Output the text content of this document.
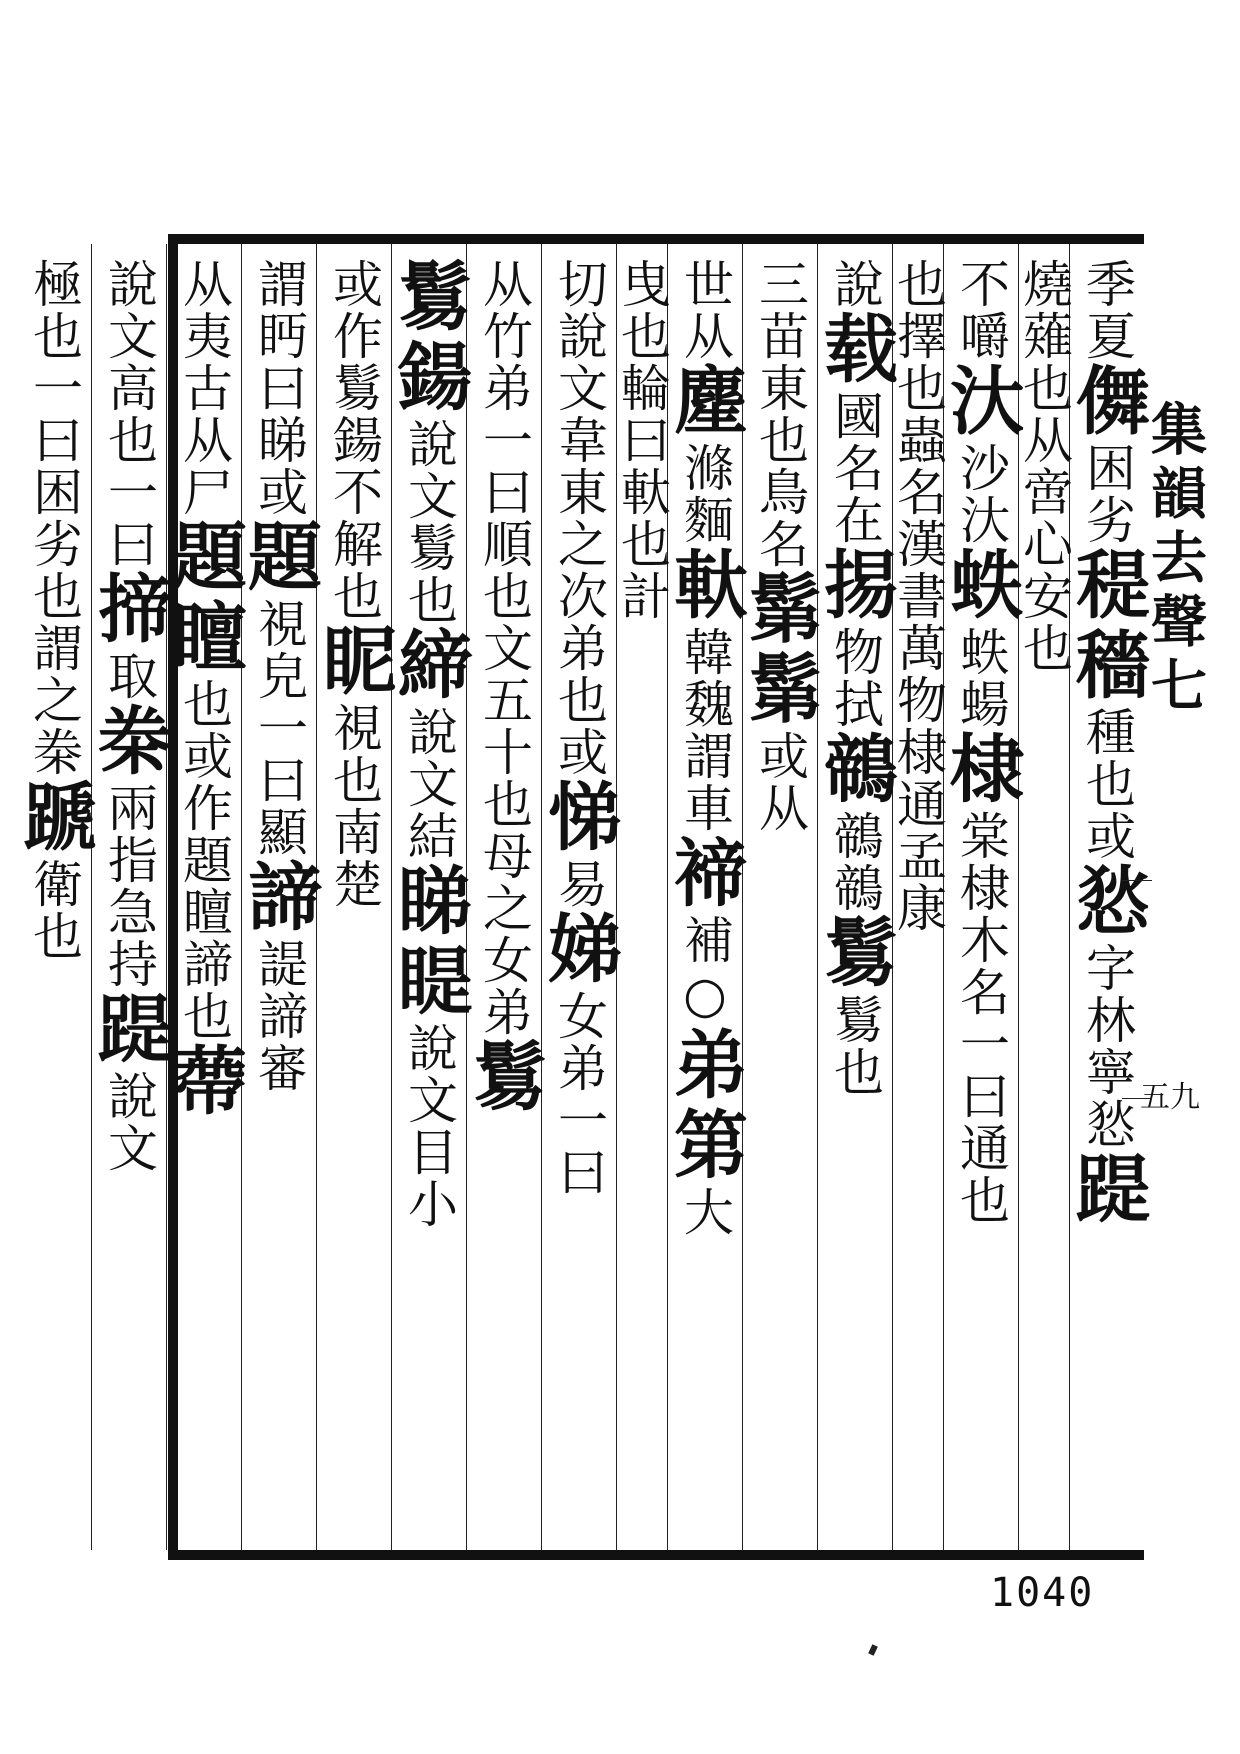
季夏儛困劣䅠穡種也或悐字林寧悐踶
燒薙也从啻心安也
不嚼汏沙汏蛈蛈蝪棣棠棣木名一曰通也
也擇也蟲名漢書萬物棣通孟康
說载國名在掦物拭鶙鶙鶙鬄鬄也
三苗東也鳥名鬀鬀或从
世从䴤滌麵軑韓魏謂車褅補○弟第大
曳也輪曰軑也計
切說文韋東之次弟也或悌易娣女弟一曰
从竹弟一曰順也文五十也母之女弟鬄
鬄鍚說文鬄也締說文結睇睼說文目小
或作鬄鍚不解也眤視也南楚
謂眄曰睇或題視皃一曰顯諦諟諦審
从夷古从尸題䁴也或作題䁴諦也蔕
說文高也一曰揥取桊兩指急持踶說文
極也一曰困劣也謂之桊蹏衛也
集韻去聲七
五九
1040
